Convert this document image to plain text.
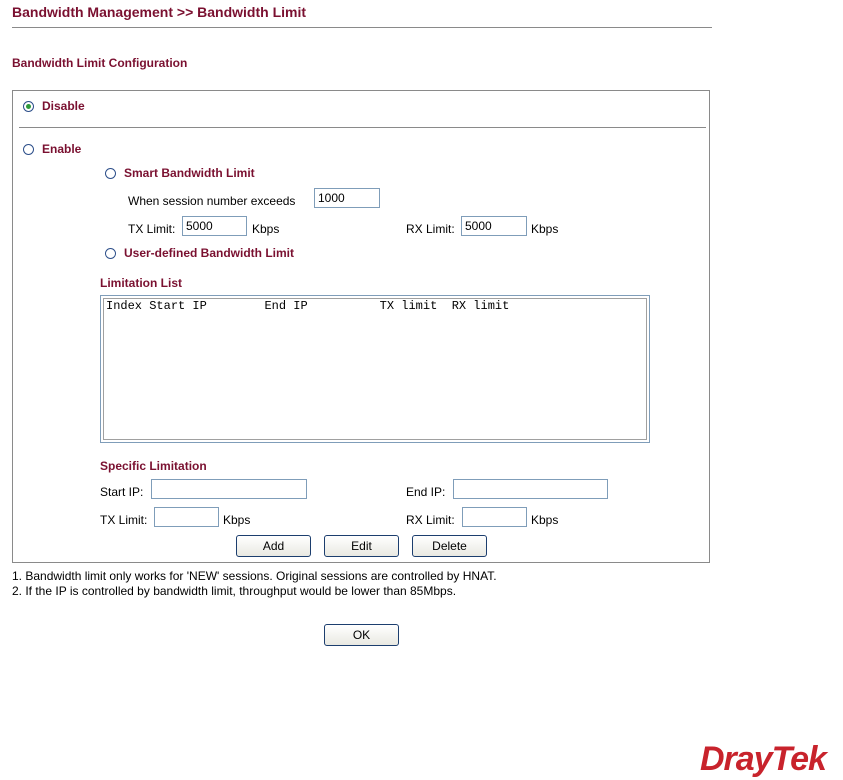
Bandwidth Management >> Bandwidth Limit
Bandwidth Limit Configuration
Disable
Enable
Smart Bandwidth Limit
When session number exceeds	1000
TX Limit: 5000	Kbps	RX Limit: 5000	Kbps
User-defined Bandwidth Limit
Limitation List
Index Start IP	End IP	TX limit RX limit
Specific Limitation
Start IP:	End IP:
TX Limit:	Kbps	RX Limit:	Kbps
Add	Edit	Delete
1. Bandwidth limit only works for 'NEW' sessions. Original sessions are controlled by HNAT.
2. If the IP is controlled by bandwidth limit, throughput would be lower than 85Mbps.
OK
DrayTek
